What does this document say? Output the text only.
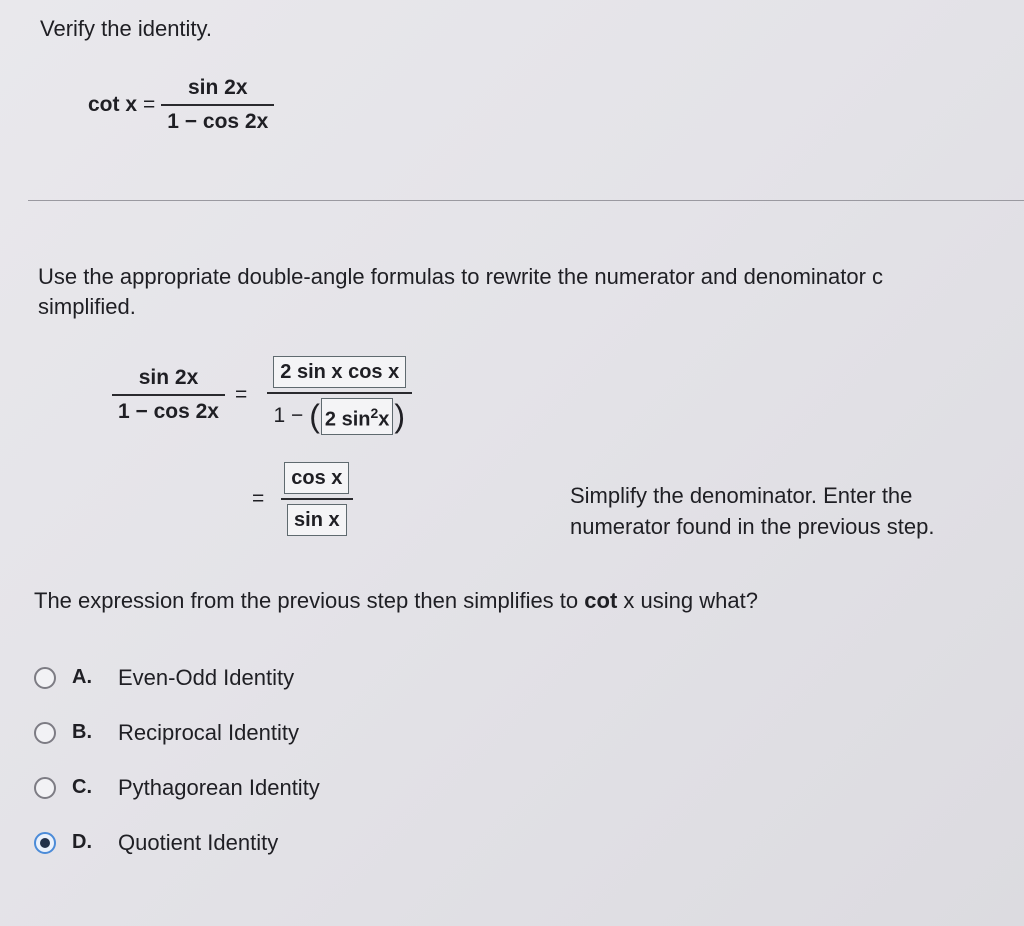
Verify the identity.
$\cot x = \frac{\sin 2x}{1 - \cos 2x}$
Use the appropriate double-angle formulas to rewrite the numerator and denominator c
simplified.
$\frac{\sin 2x}{1 - \cos 2x} = \frac{\text{2 sin x cos x}}{1 - ( 2 \sin^2x )}$
= $\frac{\text{cos x}}{\text{sin x}}$	Simplify the denominator. Enter the numerator found in the previous step.
The expression from the previous step then simplifies to cot x using what?
A.	Even-Odd Identity
B.	Reciprocal Identity
C.	Pythagorean Identity
D.	Quotient Identity
